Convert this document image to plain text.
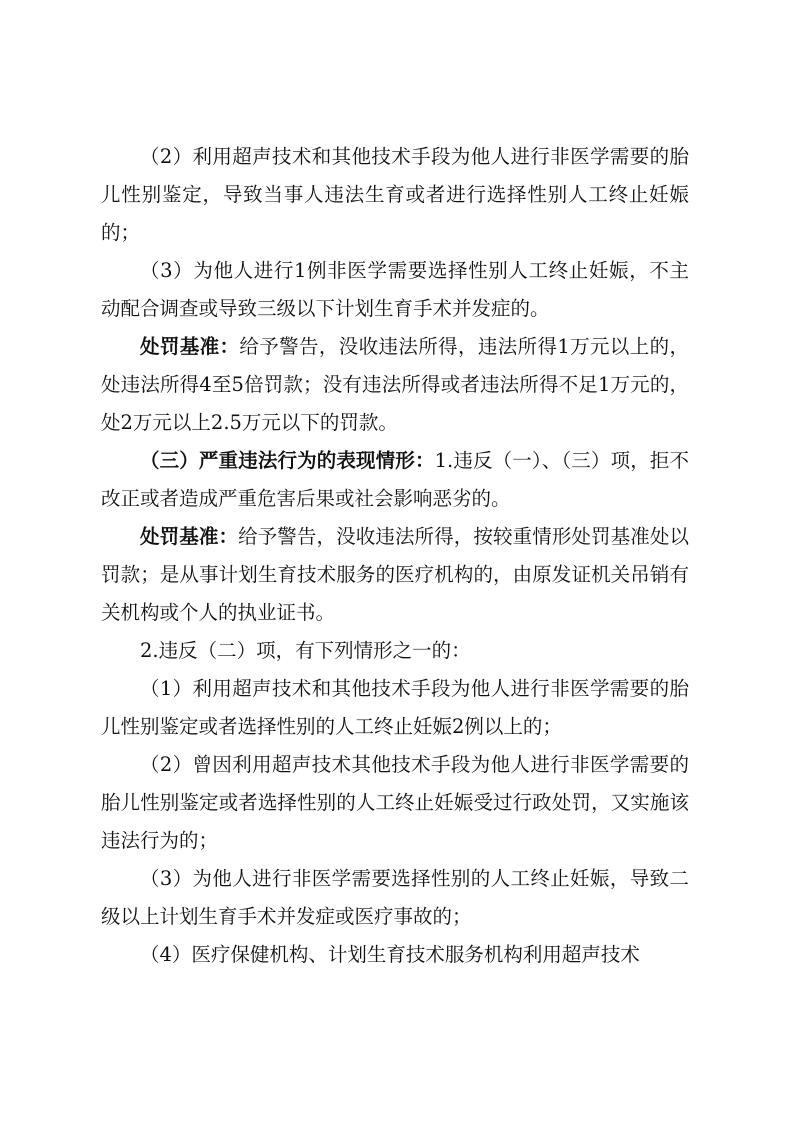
（2）利用超声技术和其他技术手段为他人进行非医学需要的胎儿性别鉴定，导致当事人违法生育或者进行选择性别人工终止妊娠的；

（3）为他人进行1例非医学需要选择性别人工终止妊娠，不主动配合调查或导致三级以下计划生育手术并发症的。

处罚基准：给予警告，没收违法所得，违法所得1万元以上的，处违法所得4至5倍罚款；没有违法所得或者违法所得不足1万元的，处2万元以上2.5万元以下的罚款。

（三）严重违法行为的表现情形：1.违反（一）、（三）项，拒不改正或者造成严重危害后果或社会影响恶劣的。

处罚基准：给予警告，没收违法所得，按较重情形处罚基准处以罚款；是从事计划生育技术服务的医疗机构的，由原发证机关吊销有关机构或个人的执业证书。

2.违反（二）项，有下列情形之一的：

（1）利用超声技术和其他技术手段为他人进行非医学需要的胎儿性别鉴定或者选择性别的人工终止妊娠2例以上的；

（2）曾因利用超声技术其他技术手段为他人进行非医学需要的胎儿性别鉴定或者选择性别的人工终止妊娠受过行政处罚，又实施该违法行为的；

（3）为他人进行非医学需要选择性别的人工终止妊娠，导致二级以上计划生育手术并发症或医疗事故的；

（4）医疗保健机构、计划生育技术服务机构利用超声技术
